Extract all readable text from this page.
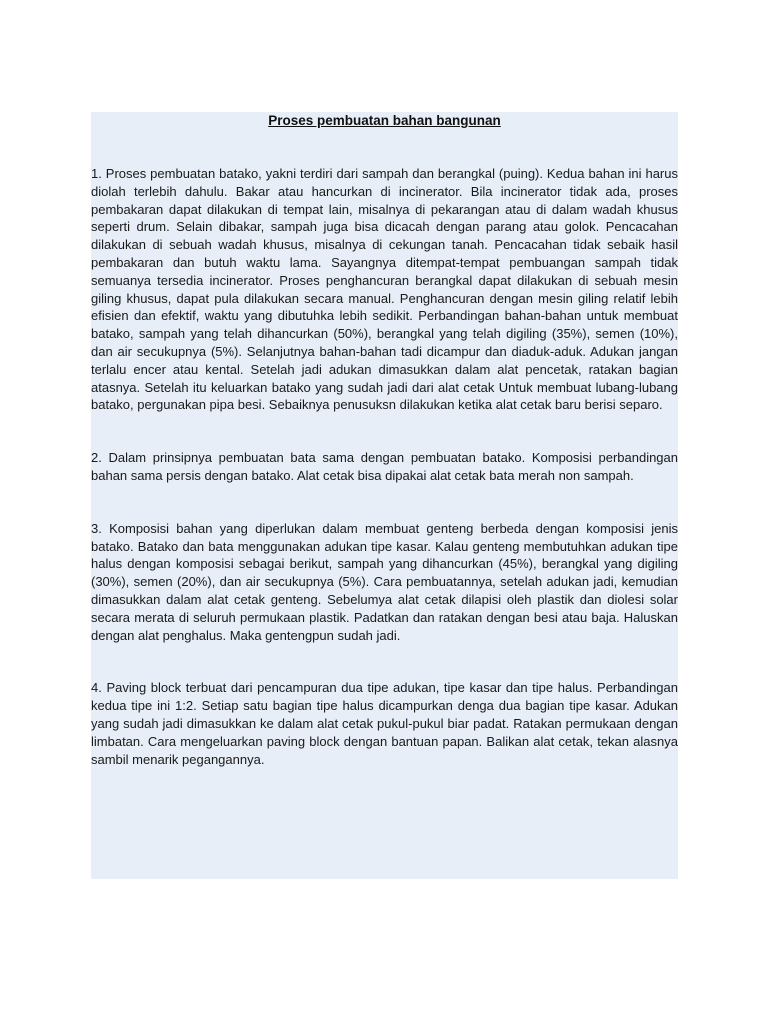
Proses pembuatan bahan bangunan

1. Proses pembuatan batako, yakni terdiri dari sampah dan berangkal (puing). Kedua bahan ini harus diolah terlebih dahulu. Bakar atau hancurkan di incinerator. Bila incinerator tidak ada, proses pembakaran dapat dilakukan di tempat lain, misalnya di pekarangan atau di dalam wadah khusus seperti drum. Selain dibakar, sampah juga bisa dicacah dengan parang atau golok. Pencacahan dilakukan di sebuah wadah khusus, misalnya di cekungan tanah. Pencacahan tidak sebaik hasil pembakaran dan butuh waktu lama. Sayangnya ditempat-tempat pembuangan sampah tidak semuanya tersedia incinerator. Proses penghancuran berangkal dapat dilakukan di sebuah mesin giling khusus, dapat pula dilakukan secara manual. Penghancuran dengan mesin giling relatif lebih efisien dan efektif, waktu yang dibutuhka lebih sedikit. Perbandingan bahan-bahan untuk membuat batako, sampah yang telah dihancurkan (50%), berangkal yang telah digiling (35%), semen (10%), dan air secukupnya (5%). Selanjutnya bahan-bahan tadi dicampur dan diaduk-aduk. Adukan jangan terlalu encer atau kental. Setelah jadi adukan dimasukkan dalam alat pencetak, ratakan bagian atasnya. Setelah itu keluarkan batako yang sudah jadi dari alat cetak Untuk membuat lubang-lubang batako, pergunakan pipa besi. Sebaiknya penusuksn dilakukan ketika alat cetak baru berisi separo.

2. Dalam prinsipnya pembuatan bata sama dengan pembuatan batako. Komposisi perbandingan bahan sama persis dengan batako. Alat cetak bisa dipakai alat cetak bata merah non sampah.

3. Komposisi bahan yang diperlukan dalam membuat genteng berbeda dengan komposisi jenis batako. Batako dan bata menggunakan adukan tipe kasar. Kalau genteng membutuhkan adukan tipe halus dengan komposisi sebagai berikut, sampah yang dihancurkan (45%), berangkal yang digiling (30%), semen (20%), dan air secukupnya (5%). Cara pembuatannya, setelah adukan jadi, kemudian dimasukkan dalam alat cetak genteng. Sebelumya alat cetak dilapisi oleh plastik dan diolesi solar secara merata di seluruh permukaan plastik. Padatkan dan ratakan dengan besi atau baja. Haluskan dengan alat penghalus. Maka gentengpun sudah jadi.

4. Paving block terbuat dari pencampuran dua tipe adukan, tipe kasar dan tipe halus. Perbandingan kedua tipe ini 1:2. Setiap satu bagian tipe halus dicampurkan denga dua bagian tipe kasar. Adukan yang sudah jadi dimasukkan ke dalam alat cetak pukul-pukul biar padat. Ratakan permukaan dengan limbatan. Cara mengeluarkan paving block dengan bantuan papan. Balikan alat cetak, tekan alasnya sambil menarik pegangannya.
